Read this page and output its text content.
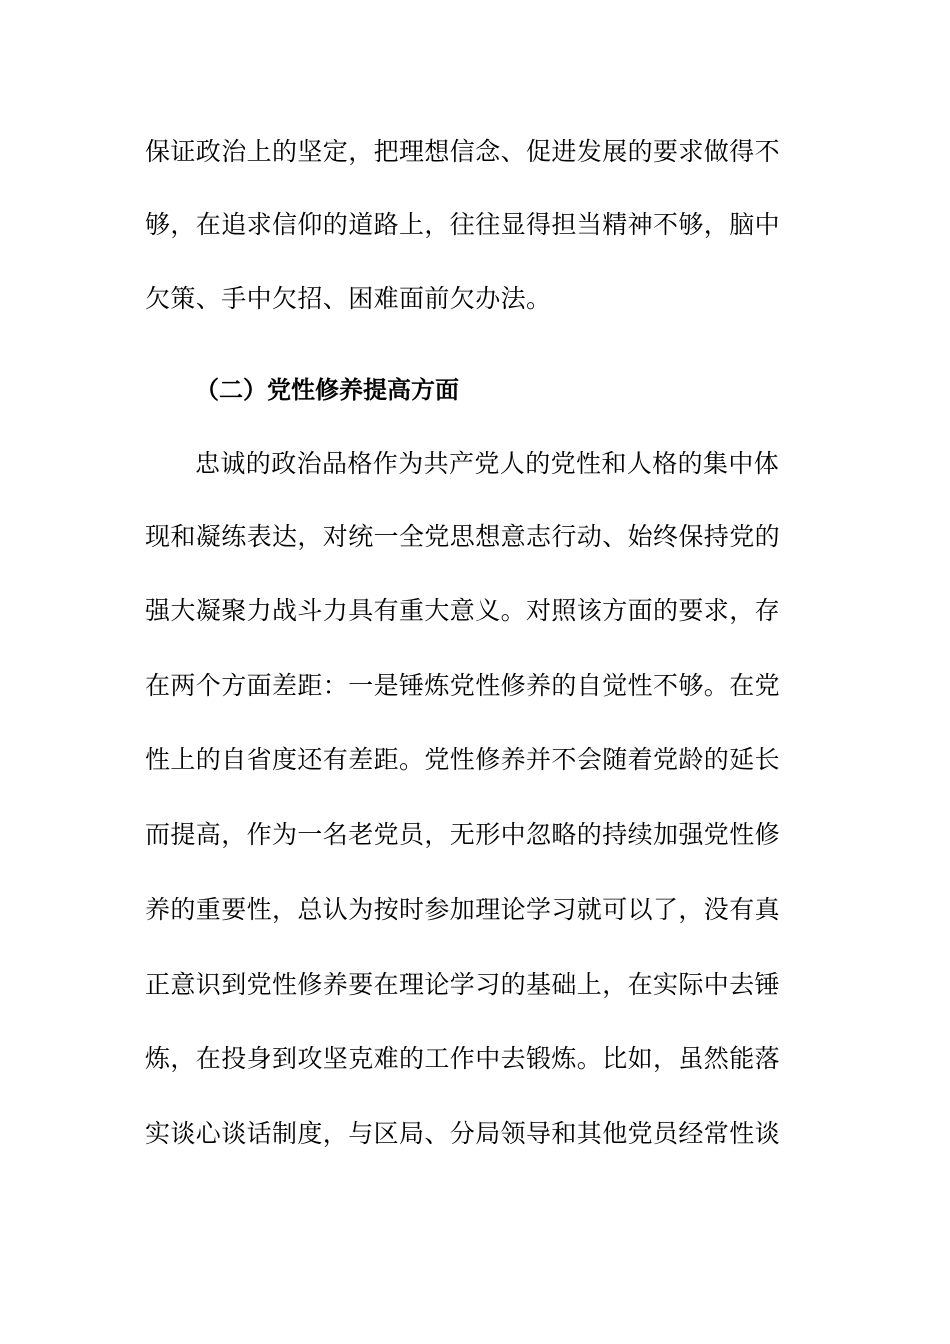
保证政治上的坚定，把理想信念、促进发展的要求做得不
够，在追求信仰的道路上，往往显得担当精神不够，脑中
欠策、手中欠招、困难面前欠办法。
（二）党性修养提高方面
忠诚的政治品格作为共产党人的党性和人格的集中体
现和凝练表达，对统一全党思想意志行动、始终保持党的
强大凝聚力战斗力具有重大意义。对照该方面的要求，存
在两个方面差距：一是锤炼党性修养的自觉性不够。在党
性上的自省度还有差距。党性修养并不会随着党龄的延长
而提高，作为一名老党员，无形中忽略的持续加强党性修
养的重要性，总认为按时参加理论学习就可以了，没有真
正意识到党性修养要在理论学习的基础上，在实际中去锤
炼，在投身到攻坚克难的工作中去锻炼。比如，虽然能落
实谈心谈话制度，与区局、分局领导和其他党员经常性谈
